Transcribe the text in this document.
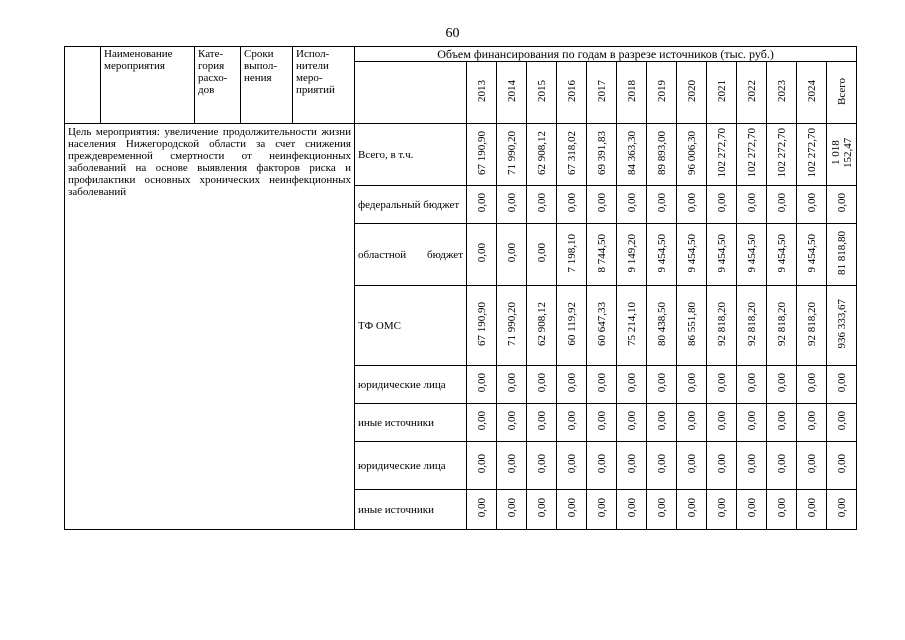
60
	Наименование мероприятия	Кате-гория расхо-дов	Сроки выпол-нения	Испол-нители меро-приятий	Объем финансирования по годам в разрезе источников (тыс. руб.)													
						2013	2014	2015	2016	2017	2018	2019	2020	2021	2022	2023	2024	Всего
Цель мероприятия: увеличение продолжительности жизни населения Нижегородской области за счет снижения преждевременной смертности от неинфекционных заболеваний на основе выявления факторов риска и профилактики основных хронических неинфекционных заболеваний					Всего, в т.ч.	67 190,90	71 990,20	62 908,12	67 318,02	69 391,83	84 363,30	89 893,00	96 006,30	102 272,70	102 272,70	102 272,70	102 272,70	1 018 152,47
					федеральный бюджет	0,00	0,00	0,00	0,00	0,00	0,00	0,00	0,00	0,00	0,00	0,00	0,00	0,00
					областной бюджет	0,00	0,00	0,00	7 198,10	8 744,50	9 149,20	9 454,50	9 454,50	9 454,50	9 454,50	9 454,50	9 454,50	81 818,80
					ТФ ОМС	67 190,90	71 990,20	62 908,12	60 119,92	60 647,33	75 214,10	80 438,50	86 551,80	92 818,20	92 818,20	92 818,20	92 818,20	936 333,67
					юридические лица	0,00	0,00	0,00	0,00	0,00	0,00	0,00	0,00	0,00	0,00	0,00	0,00	0,00
					иные источники	0,00	0,00	0,00	0,00	0,00	0,00	0,00	0,00	0,00	0,00	0,00	0,00	0,00
					юридические лица	0,00	0,00	0,00	0,00	0,00	0,00	0,00	0,00	0,00	0,00	0,00	0,00	0,00
					иные источники	0,00	0,00	0,00	0,00	0,00	0,00	0,00	0,00	0,00	0,00	0,00	0,00	0,00
